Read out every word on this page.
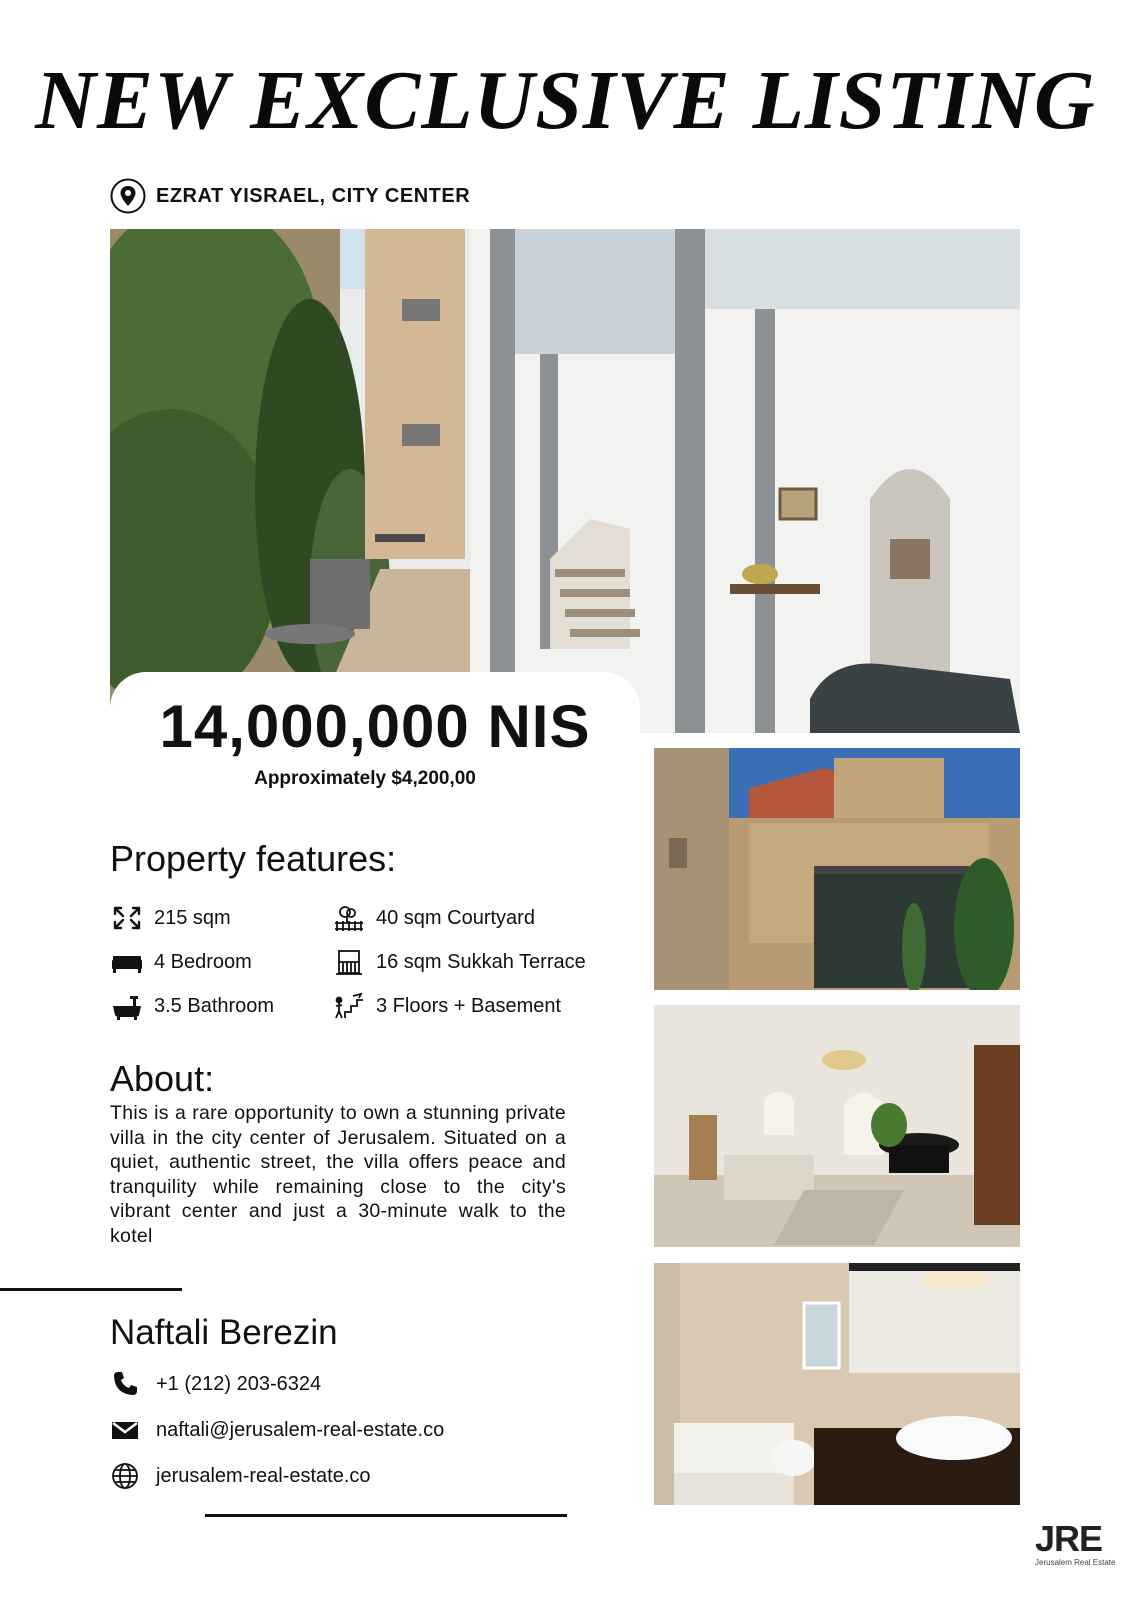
NEW EXCLUSIVE LISTING
EZRAT YISRAEL, CITY CENTER
14,000,000 NIS
Approximately $4,200,00
Property features:
215 sqm	40 sqm Courtyard
4 Bedroom	16 sqm Sukkah Terrace
3.5 Bathroom	3 Floors + Basement
About:
This is a rare opportunity to own a stunning private villa in the city center of Jerusalem. Situated on a quiet, authentic street, the villa offers peace and tranquility while remaining close to the city's vibrant center and just a 30-minute walk to the kotel
Naftali Berezin
+1 (212) 203-6324
naftali@jerusalem-real-estate.co
jerusalem-real-estate.co
JRE
Jerusalem Real Estate
